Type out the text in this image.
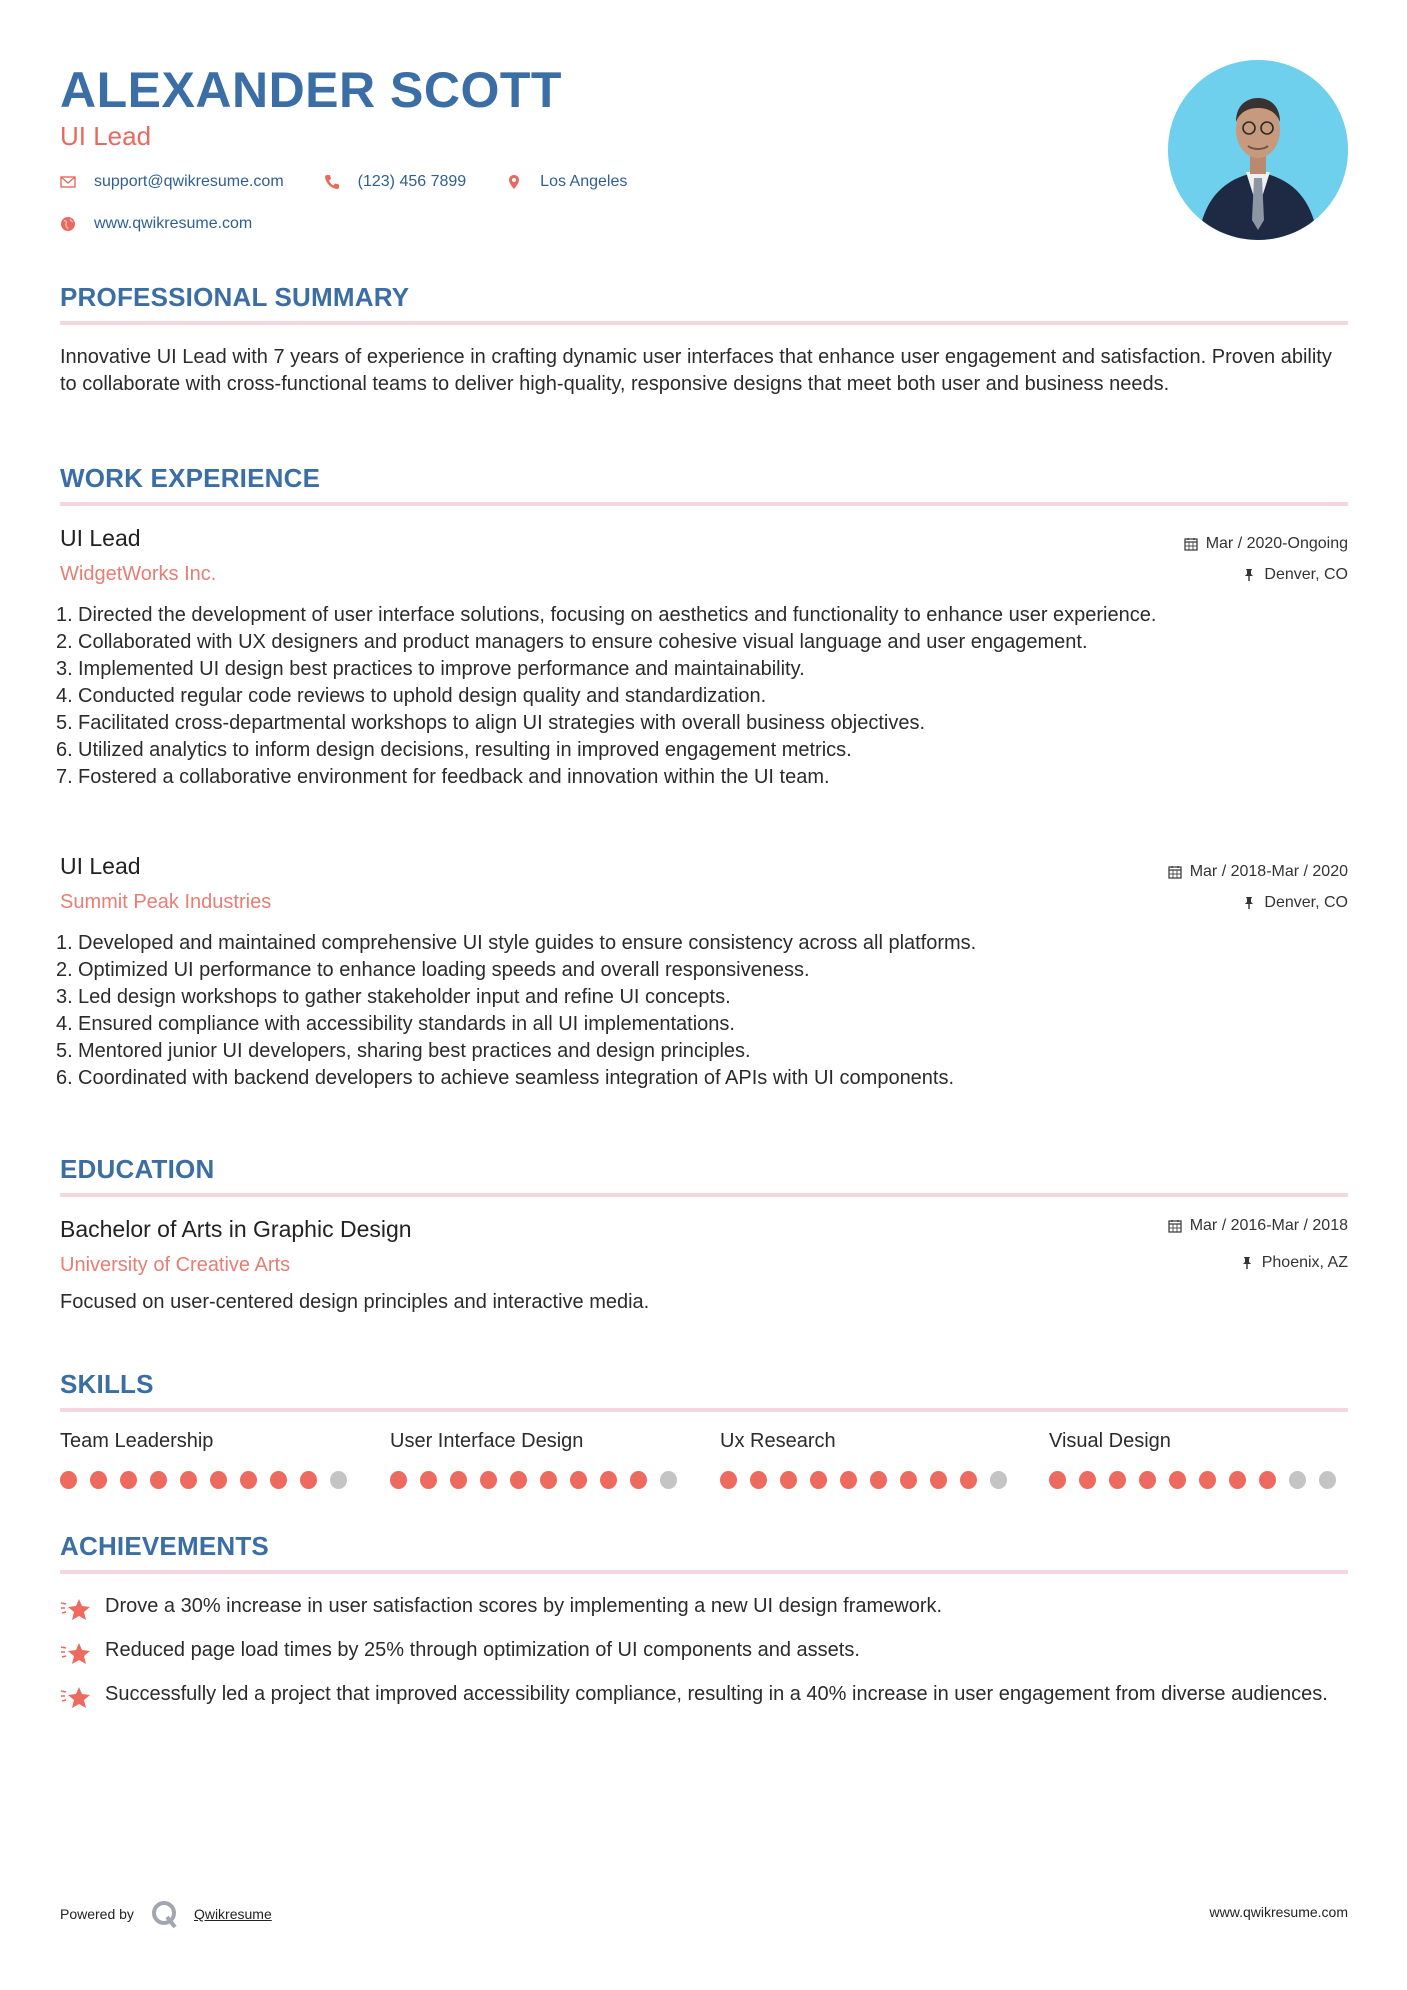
ALEXANDER SCOTT
UI Lead
support@qwikresume.com	(123) 456 7899	Los Angeles
www.qwikresume.com
PROFESSIONAL SUMMARY
Innovative UI Lead with 7 years of experience in crafting dynamic user interfaces that enhance user engagement and satisfaction. Proven ability to collaborate with cross-functional teams to deliver high-quality, responsive designs that meet both user and business needs.
WORK EXPERIENCE
UI Lead
WidgetWorks Inc.
Mar / 2020-Ongoing
Denver, CO
1. Directed the development of user interface solutions, focusing on aesthetics and functionality to enhance user experience.
2. Collaborated with UX designers and product managers to ensure cohesive visual language and user engagement.
3. Implemented UI design best practices to improve performance and maintainability.
4. Conducted regular code reviews to uphold design quality and standardization.
5. Facilitated cross-departmental workshops to align UI strategies with overall business objectives.
6. Utilized analytics to inform design decisions, resulting in improved engagement metrics.
7. Fostered a collaborative environment for feedback and innovation within the UI team.
UI Lead
Summit Peak Industries
Mar / 2018-Mar / 2020
Denver, CO
1. Developed and maintained comprehensive UI style guides to ensure consistency across all platforms.
2. Optimized UI performance to enhance loading speeds and overall responsiveness.
3. Led design workshops to gather stakeholder input and refine UI concepts.
4. Ensured compliance with accessibility standards in all UI implementations.
5. Mentored junior UI developers, sharing best practices and design principles.
6. Coordinated with backend developers to achieve seamless integration of APIs with UI components.
EDUCATION
Bachelor of Arts in Graphic Design
University of Creative Arts
Mar / 2016-Mar / 2018
Phoenix, AZ
Focused on user-centered design principles and interactive media.
SKILLS
Team Leadership	User Interface Design	Ux Research	Visual Design
ACHIEVEMENTS
Drove a 30% increase in user satisfaction scores by implementing a new UI design framework.
Reduced page load times by 25% through optimization of UI components and assets.
Successfully led a project that improved accessibility compliance, resulting in a 40% increase in user engagement from diverse audiences.
Powered by	Qwikresume	www.qwikresume.com
